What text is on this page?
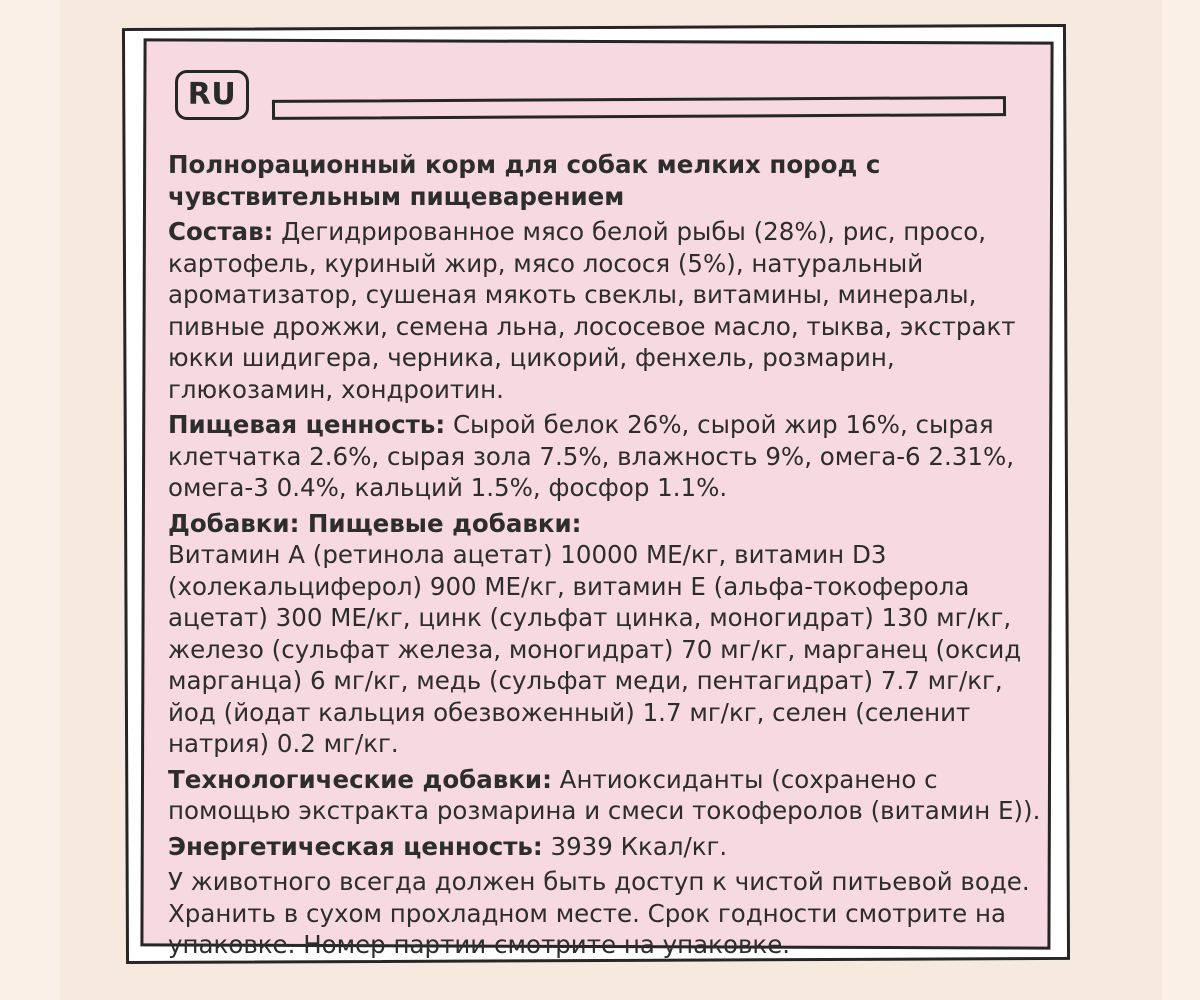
RU

Полнорационный корм для собак мелких пород с чувствительным пищеварением

Состав: Дегидрированное мясо белой рыбы (28%), рис, просо, картофель, куриный жир, мясо лосося (5%), натуральный ароматизатор, сушеная мякоть свеклы, витамины, минералы, пивные дрожжи, семена льна, лососевое масло, тыква, экстракт юкки шидигера, черника, цикорий, фенхель, розмарин, глюкозамин, хондроитин.

Пищевая ценность: Сырой белок 26%, сырой жир 16%, сырая клетчатка 2.6%, сырая зола 7.5%, влажность 9%, омега-6 2.31%, омега-3 0.4%, кальций 1.5%, фосфор 1.1%.

Добавки: Пищевые добавки:
Витамин А (ретинола ацетат) 10000 МЕ/кг, витамин D3 (холекальциферол) 900 МЕ/кг, витамин Е (альфа-токоферола ацетат) 300 МЕ/кг, цинк (сульфат цинка, моногидрат) 130 мг/кг, железо (сульфат железа, моногидрат) 70 мг/кг, марганец (оксид марганца) 6 мг/кг, медь (сульфат меди, пентагидрат) 7.7 мг/кг, йод (йодат кальция обезвоженный) 1.7 мг/кг, селен (селенит натрия) 0.2 мг/кг.

Технологические добавки: Антиоксиданты (сохранено с помощью экстракта розмарина и смеси токоферолов (витамин Е)).

Энергетическая ценность: 3939 Ккал/кг.

У животного всегда должен быть доступ к чистой питьевой воде. Хранить в сухом прохладном месте. Срок годности смотрите на упаковке. Номер партии смотрите на упаковке.
